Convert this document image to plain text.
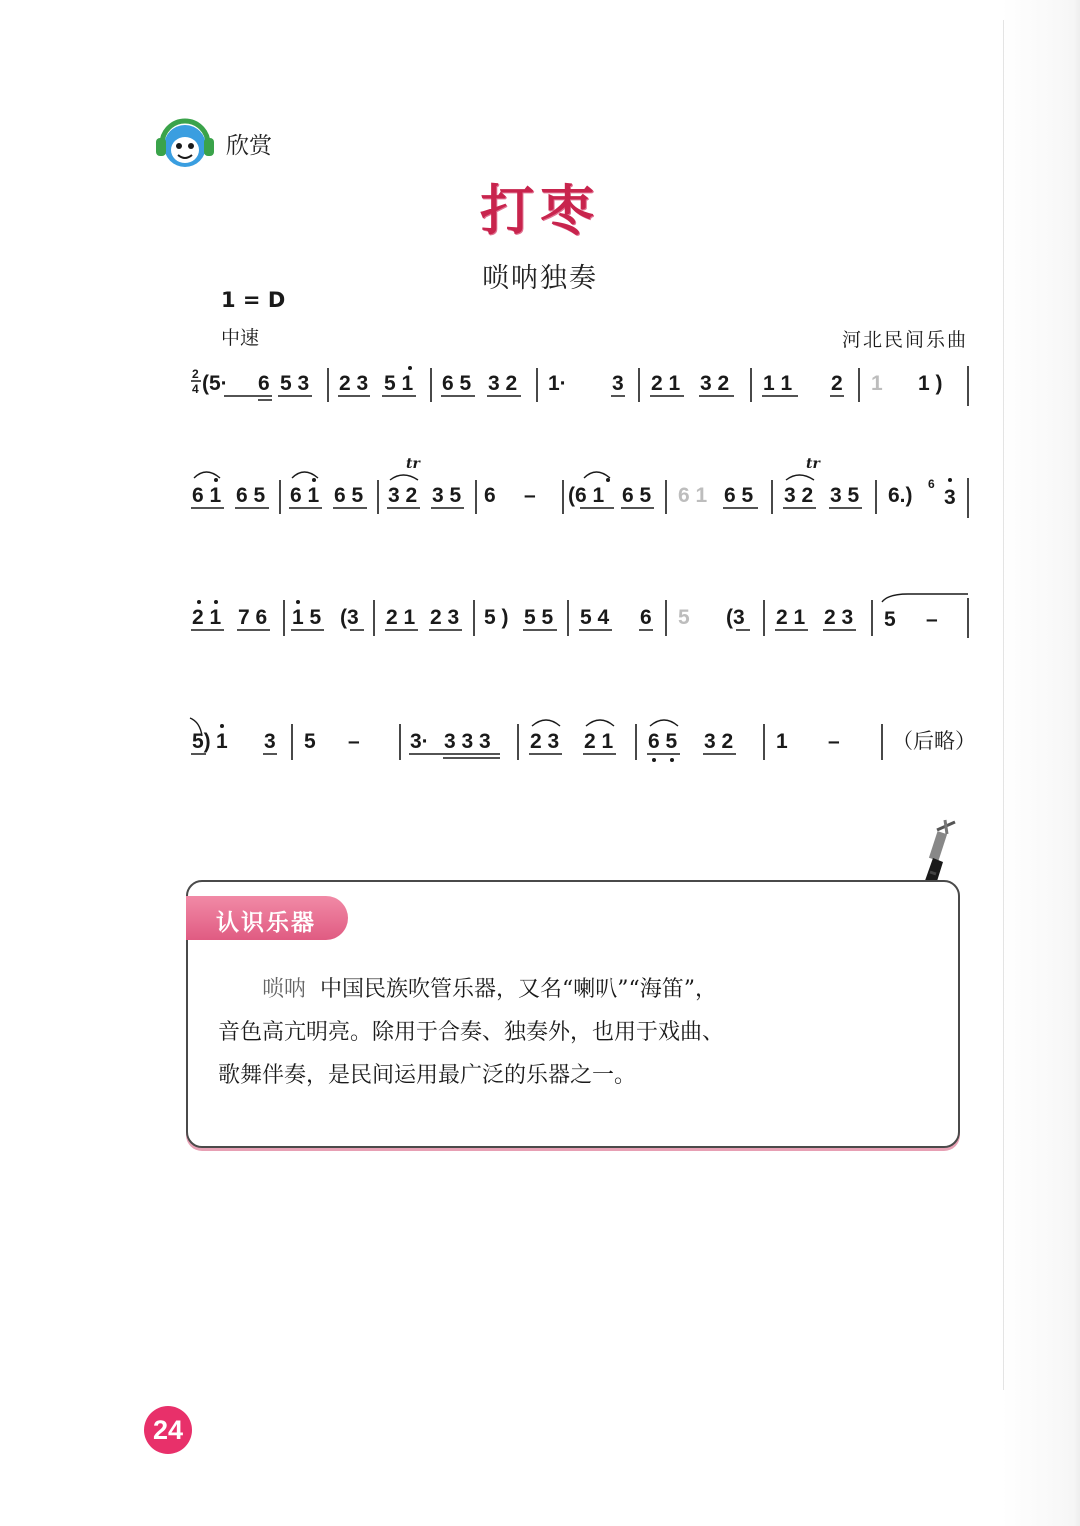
欣赏
打枣
唢呐独奏
1 = D
中速	河北民间乐曲
2
4 (5· 6 5 3 2 3 5 1 6 5 3 2 1· 3 2 1 3 2 1 1 2 1 1 )
6 1 6 5 6 1 6 5
tr
3 2 3 5 6 – (6 1 6 5 6 1 6 5
tr
3 2 3 5 6.) 6
3
2 1 7 6 1 5 (3 2 1 2 3 5 ) 5 5 5 4 6 5 (3 2 1 2 3 5 –
5) 1 3 5 – 3· 3 3 3 2 3 2 1 6 5 3 2 1 – （后略）
认识乐器
唢呐 中国民族吹管乐器，又名“喇叭”“海笛”，
音色高亢明亮。除用于合奏、独奏外，也用于戏曲、
歌舞伴奏，是民间运用最广泛的乐器之一。
24
